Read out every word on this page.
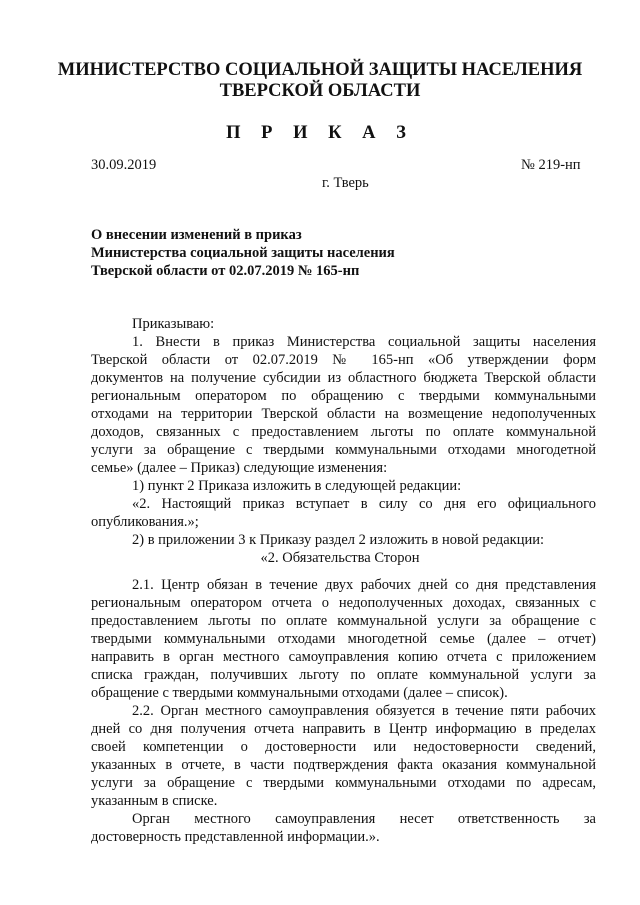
МИНИСТЕРСТВО СОЦИАЛЬНОЙ ЗАЩИТЫ НАСЕЛЕНИЯ
ТВЕРСКОЙ ОБЛАСТИ
П Р И К А З
30.09.2019	№ 219-нп
г. Тверь
О внесении изменений в приказ
Министерства социальной защиты населения
Тверской области от 02.07.2019 № 165-нп
Приказываю:
1. Внести в приказ Министерства социальной защиты населения
Тверской области от 02.07.2019 № 165-нп «Об утверждении форм
документов на получение субсидии из областного бюджета Тверской области
региональным оператором по обращению с твердыми коммунальными
отходами на территории Тверской области на возмещение недополученных
доходов, связанных с предоставлением льготы по оплате коммунальной
услуги за обращение с твердыми коммунальными отходами многодетной
семье» (далее – Приказ) следующие изменения:
1) пункт 2 Приказа изложить в следующей редакции:
«2. Настоящий приказ вступает в силу со дня его официального
опубликования.»;
2) в приложении 3 к Приказу раздел 2 изложить в новой редакции:
«2. Обязательства Сторон
2.1. Центр обязан в течение двух рабочих дней со дня представления
региональным оператором отчета о недополученных доходах, связанных с
предоставлением льготы по оплате коммунальной услуги за обращение с
твердыми коммунальными отходами многодетной семье (далее – отчет)
направить в орган местного самоуправления копию отчета с приложением
списка граждан, получивших льготу по оплате коммунальной услуги за
обращение с твердыми коммунальными отходами (далее – список).
2.2. Орган местного самоуправления обязуется в течение пяти рабочих
дней со дня получения отчета направить в Центр информацию в пределах
своей компетенции о достоверности или недостоверности сведений,
указанных в отчете, в части подтверждения факта оказания коммунальной
услуги за обращение с твердыми коммунальными отходами по адресам,
указанным в списке.
Орган местного самоуправления несет ответственность за
достоверность представленной информации.».
